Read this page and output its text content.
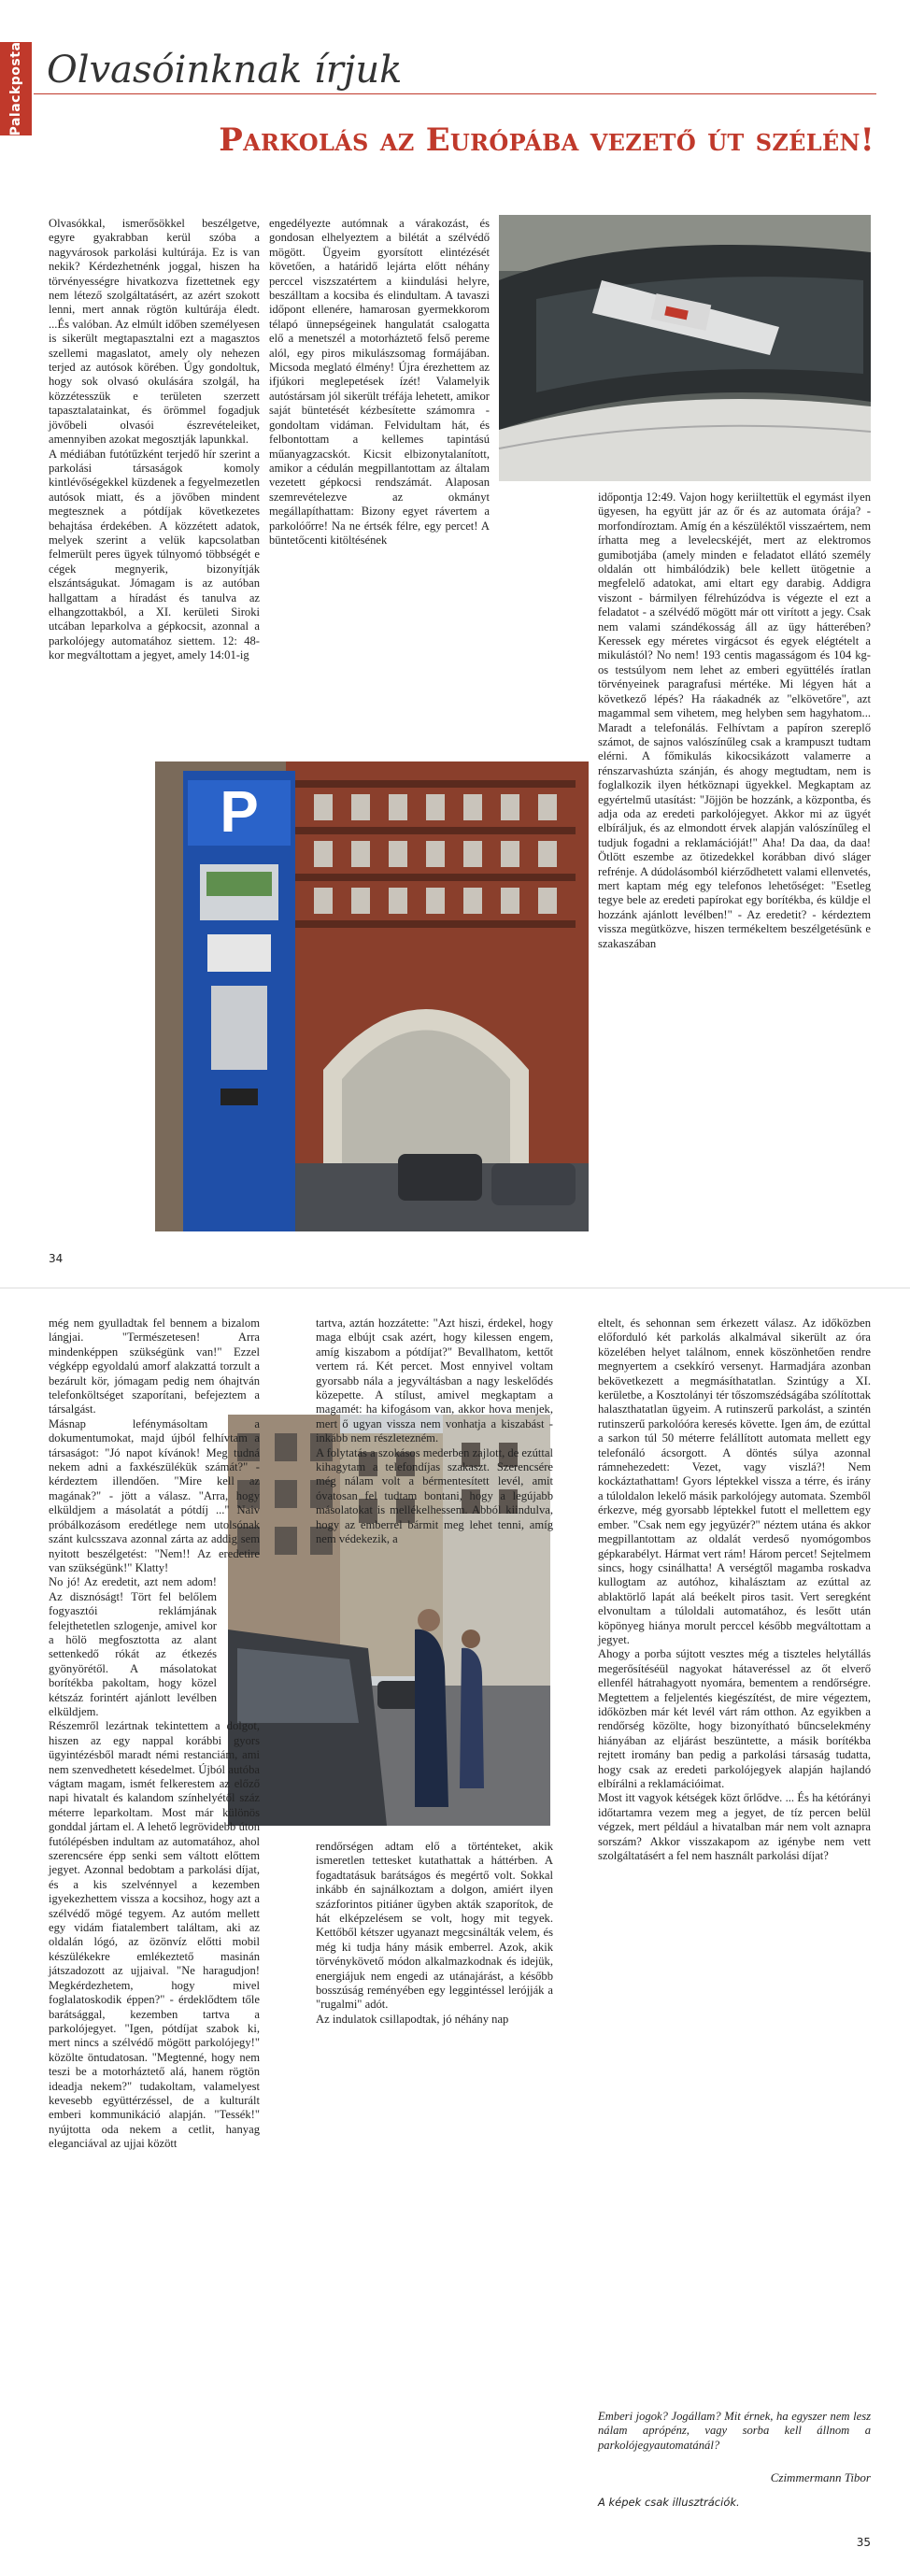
Palackposta Olvasóinknak írjuk
Parkolás az Európába vezető út szélén!
P

Olvasókkal, ismerősökkel beszélgetve, egyre gyakrabban kerül szóba a nagyvárosok parkolási kultúrája. Ez is van nekik? Kérdezhetnénk joggal, hiszen ha törvényességre hivatkozva fizettetnek egy nem létező szolgáltatásért, az azért szokott lenni, mert annak rögtön kultúrája éledt. ...És valóban. Az elmúlt időben személyesen is sikerült megtapasztalni ezt a magasztos szellemi magaslatot, amely oly nehezen terjed az autósok körében. Úgy gondoltuk, hogy sok olvasó okulására szolgál, ha közzétesszük e területen szerzett tapasztalatainkat, és örömmel fogadjuk jövőbeli olvasói észrevételeiket, amennyiben azokat megosztják lapunkkal.

A médiában futótűzként terjedő hír szerint a parkolási társaságok komoly kintlévőségekkel küzdenek a fegyelmezetlen autósok miatt, és a jövőben mindent megtesznek a pótdíjak következetes behajtása érdekében. A közzétett adatok, melyek szerint a velük kapcsolatban felmerült peres ügyek túlnyomó többségét e cégek megnyerik, bizonyítják elszántságukat. Jómagam is az autóban hallgattam a híradást és tanulva az elhangzottakból, a XI. kerületi Siroki utcában leparkolva a gépkocsit, azonnal a parkolójegy automatához siettem. 12: 48-kor megváltottam a jegyet, amely 14:01-ig

engedélyezte autómnak a várakozást, és gondosan elhelyeztem a bilétát a szélvédő mögött. Ügyeim gyorsított elintézését követően, a határidő lejárta előtt néhány perccel viszszatértem a kiindulási helyre, beszálltam a kocsiba és elindultam. A tavaszi időpont ellenére, hamarosan gyermekkorom télapó ünnepségeinek hangulatát csalogatta elő a menetszél a motorháztető felső pereme alól, egy piros mikulászsomag formájában. Micsoda meglató élmény! Újra érezhettem az ifjúkori meglepetések ízét! Valamelyik autóstársam jól sikerült tréfája lehetett, amikor saját büntetését kézbesítette számomra - gondoltam vidáman. Felvidultam hát, és felbontottam a kellemes tapintású műanyagzacskót. Kicsit elbizonytalanított, amikor a cédulán megpillantottam az általam vezetett gépkocsi rendszámát. Alaposan szemrevételezve az okmányt megállapíthattam: Bizony egyet rávertem a parkolóőrre! Na ne értsék félre, egy percet! A büntetőcenti kitöltésének

időpontja 12:49. Vajon hogy keriiltettük el egymást ilyen ügyesen, ha együtt jár az őr és az automata órája? - morfondíroztam. Amíg én a készüléktől visszaértem, nem írhatta meg a levelecskéjét, mert az elektromos gumibotjába (amely minden e feladatot ellátó személy oldalán ott himbálódzik) bele kellett ütögetnie a megfelelő adatokat, ami eltart egy darabig. Addigra viszont - bármilyen félrehúzódva is végezte el ezt a feladatot - a szélvédő mögött már ott virított a jegy. Csak nem valami szándékosság áll az ügy hátterében? Keressek egy méretes virgácsot és egyek elégtételt a mikulástól? No nem! 193 centis magasságom és 104 kg-os testsúlyom nem lehet az emberi együttélés íratlan törvényeinek paragrafusi mértéke. Mi légyen hát a következő lépés? Ha ráakadnék az "elkövetőre", azt magammal sem vihetem, meg helyben sem hagyhatom... Maradt a telefonálás. Felhívtam a papíron szereplő számot, de sajnos valószínűleg csak a krampuszt tudtam elérni. A főmikulás kikocsikázott valamerre a rénszarvashúzta szánján, és ahogy megtudtam, nem is foglalkozik ilyen hétköznapi ügyekkel. Megkaptam az egyértelmű utasítást: "Jöjjön be hozzánk, a központba, és adja oda az eredeti parkolójegyet. Akkor mi az ügyét elbíráljuk, és az elmondott érvek alapján valószínűleg el tudjuk fogadni a reklamációját!" Aha! Da daa, da daa! Ötlött eszembe az ötizedekkel korábban divó sláger refrénje. A dúdolásomból kiérződhetett valami ellenvetés, mert kaptam még egy telefonos lehetőséget: "Esetleg tegye bele az eredeti papírokat egy borítékba, és küldje el hozzánk ajánlott levélben!" - Az eredetit? - kérdeztem vissza megütközve, hiszen termékeltem beszélgetésünk e szakaszában

34

még nem gyulladtak fel bennem a bizalom lángjai. "Természetesen! Arra mindenképpen szükségünk van!" Ezzel végképp egyoldalú amorf alakzattá torzult a bezárult kör, jómagam pedig nem óhajtván telefonköltséget szaporítani, befejeztem a társalgást.

Másnap lefénymásoltam a dokumentumokat, majd újból felhívtam a társaságot: "Jó napot kívánok! Meg tudná nekem adni a faxkészülékük számát?" - kérdeztem illendően. "Mire kell az magának?" - jött a válasz. "Arra, hogy elküldjem a másolatát a pótdíj ..." Naiv próbálkozásom eredétlege nem utolsónak szánt kulcsszava azonnal zárta az addig sem nyitott beszélgetést: "Nem!! Az eredetire van szükségünk!" Klatty!

No jó! Az eredetit, azt nem adom! Az disznóságt! Tört fel belőlem fogyasztói reklámjának felejthetetlen szlogenje, amivel kor a hölö megfosztotta az alant settenkedő rókát az étkezés gyönyörétől. A másolatokat borítékba pakoltam, hogy közel kétszáz forintért ajánlott levélben elküldjem.

Részemről lezártnak tekintettem a dolgot, hiszen az egy nappal korábbi gyors ügyintézésből maradt némi restanciám, ami nem szenvedhetett késedelmet. Újból autóba vágtam magam, ismét felkerestem az előző napi hivatalt és kalandom színhelyétől száz méterre leparkoltam. Most már különös gonddal jártam el. A lehető legrövidebb úton futólépésben indultam az automatához, ahol szerencsére épp senki sem váltott előttem jegyet. Azonnal bedobtam a parkolási díjat, és a kis szelvénnyel a kezemben igyekezhettem vissza a kocsihoz, hogy azt a szélvédő mögé tegyem. Az autóm mellett egy vidám fiatalembert találtam, aki az oldalán lógó, az özönvíz előtti mobil készülékekre emlékeztető masinán játszadozott az ujjaival. "Ne haragudjon! Megkérdezhetem, hogy mivel foglalatoskodik éppen?" - érdeklődtem tőle barátsággal, kezemben tartva a parkolójegyet. "Igen, pótdíjat szabok ki, mert nincs a szélvédő mögött parkolójegy!" közölte öntudatosan. "Megtenné, hogy nem teszi be a motorháztető alá, hanem rögtön ideadja nekem?" tudakoltam, valamelyest kevesebb együttérzéssel, de a kulturált emberi kommunikáció alapján. "Tessék!" nyújtotta oda nekem a cetlit, hanyag eleganciával az ujjai között

tartva, aztán hozzátette: "Azt hiszi, érdekel, hogy maga elbújt csak azért, hogy kilessen engem, amíg kiszabom a pótdíjat?" Bevallhatom, kettőt vertem rá. Két percet. Most ennyivel voltam gyorsabb nála a jegyváltásban a nagy leskelődés közepette. A stílust, amivel megkaptam a magamét: ha kifogásom van, akkor hova menjek, mert ő ugyan vissza nem vonhatja a kiszabást - inkább nem részletezném.

A folytatás a szokásos mederben zajlott, de ezúttal kihagytam a telefondíjas szakaszt. Szerencsére még nálam volt a bérmentesített levél, amit óvatosan fel tudtam bontani, hogy a legújabb másolatokat is mellékelhessem. Abból kiindulva, hogy az emberrel bármit meg lehet tenni, amíg nem védekezik, a

rendőrségen adtam elő a történteket, akik ismeretlen tettesket kutathattak a háttérben. A fogadtatásuk barátságos és megértő volt. Sokkal inkább én sajnálkoztam a dolgon, amiért ilyen százforintos pitiáner ügyben akták szaporítok, de hát elképzelésem se volt, hogy mit tegyek. Kettőből kétszer ugyanazt megcsinálták velem, és még ki tudja hány másik emberrel. Azok, akik törvénykövető módon alkalmazkodnak és idejük, energiájuk nem engedi az utánajárást, a később bosszúság reményében egy leggintéssel lerójják a "rugalmi" adót.

Az indulatok csillapodtak, jó néhány nap

eltelt, és sehonnan sem érkezett válasz. Az időközben előforduló két parkolás alkalmával sikerült az óra közelében helyet találnom, ennek köszönhetően rendre megnyertem a csekkíró versenyt. Harmadjára azonban bekövetkezett a megmásíthatatlan. Szintúgy a XI. kerületbe, a Kosztolányi tér tőszomszédságába szólítottak halaszthatatlan ügyeim. A rutinszerű parkolást, a szintén rutinszerű parkolóóra keresés követte. Igen ám, de ezúttal a sarkon túl 50 méterre felállított automata mellett egy telefonáló ácsorgott. A döntés súlya azonnal rámnehezedett: Vezet, vagy viszlá?! Nem kockáztathattam! Gyors léptekkel vissza a térre, és irány a túloldalon lekelő másik parkolójegy automata. Szemből érkezve, még gyorsabb léptekkel futott el mellettem egy ember. "Csak nem egy jegyüzér?" néztem utána és akkor megpillantottam az oldalát verdeső nyomógombos gépkarabélyt. Hármat vert rám! Három percet! Sejtelmem sincs, hogy csinálhatta! A verségtől magamba roskadva kullogtam az autóhoz, kihalásztam az ezúttal az ablaktörlő lapát alá beékelt piros tasit. Vert seregként elvonultam a túloldali automatához, és lesőtt után köpönyeg hiánya morult perccel később megváltottam a jegyet.

Ahogy a porba sújtott vesztes még a tiszteles helytállás megerősítéséül nagyokat hátaveréssel az őt elverő ellenfél hátrahagyott nyomára, bementem a rendőrségre. Megtettem a feljelentés kiegészítést, de mire végeztem, időközben már két levél várt rám otthon. Az egyikben a rendőrség közölte, hogy bizonyítható bűncselekmény hiányában az eljárást beszüntette, a másik borítékba rejtett iromány ban pedig a parkolási társaság tudatta, hogy csak az eredeti parkolójegyek alapján hajlandó elbírálni a reklamációimat.

Most itt vagyok kétségek közt őrlődve. ... És ha kétórányi időtartamra vezem meg a jegyet, de tíz percen belül végzek, mert például a hivatalban már nem volt aznapra sorszám? Akkor visszakapom az igénybe nem vett szolgáltatásért a fel nem használt parkolási díjat?

Emberi jogok? Jogállam? Mit érnek, ha egyszer nem lesz nálam aprópénz, vagy sorba kell állnom a parkolójegyautomatánál?
Czimmermann Tibor
A képek csak illusztrációk.
35
